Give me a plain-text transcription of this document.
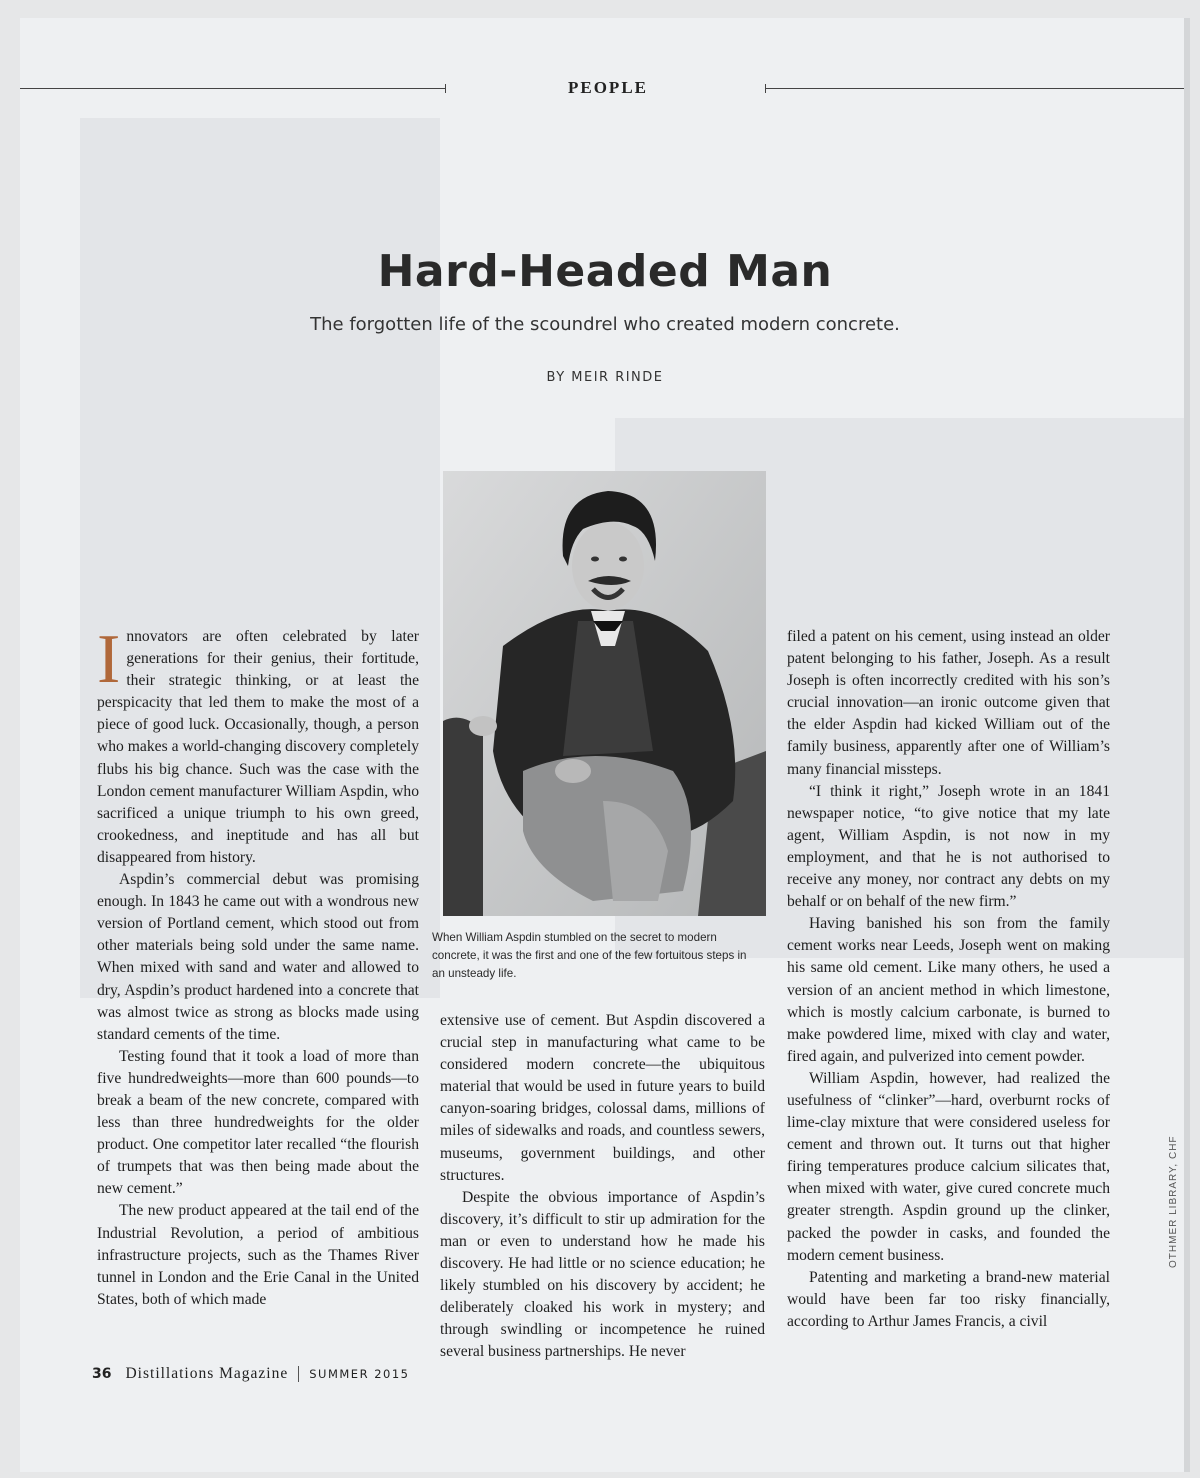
PEOPLE
Hard-Headed Man
The forgotten life of the scoundrel who created modern concrete.
BY MEIR RINDE
When William Aspdin stumbled on the secret to modern concrete, it was the first and one of the few fortuitous steps in an unsteady life.

Innovators are often celebrated by later generations for their genius, their fortitude, their strategic thinking, or at least the perspicacity that led them to make the most of a piece of good luck. Occasionally, though, a person who makes a world-changing discovery completely flubs his big chance. Such was the case with the London cement manufacturer William Aspdin, who sacrificed a unique triumph to his own greed, crookedness, and ineptitude and has all but disappeared from history.

Aspdin’s commercial debut was promising enough. In 1843 he came out with a wondrous new version of Portland cement, which stood out from other materials being sold under the same name. When mixed with sand and water and allowed to dry, Aspdin’s product hardened into a concrete that was almost twice as strong as blocks made using standard cements of the time.

Testing found that it took a load of more than five hundredweights—more than 600 pounds—to break a beam of the new concrete, compared with less than three hundredweights for the older product. One competitor later recalled “the flourish of trumpets that was then being made about the new cement.”

The new product appeared at the tail end of the Industrial Revolution, a period of ambitious infrastructure projects, such as the Thames River tunnel in London and the Erie Canal in the United States, both of which made

extensive use of cement. But Aspdin discovered a crucial step in manufacturing what came to be considered modern concrete—the ubiquitous material that would be used in future years to build canyon-soaring bridges, colossal dams, millions of miles of sidewalks and roads, and countless sewers, museums, government buildings, and other structures.

Despite the obvious importance of Aspdin’s discovery, it’s difficult to stir up admiration for the man or even to understand how he made his discovery. He had little or no science education; he likely stumbled on his discovery by accident; he deliberately cloaked his work in mystery; and through swindling or incompetence he ruined several business partnerships. He never

filed a patent on his cement, using instead an older patent belonging to his father, Joseph. As a result Joseph is often incorrectly credited with his son’s crucial innovation—an ironic outcome given that the elder Aspdin had kicked William out of the family business, apparently after one of William’s many financial missteps.

“I think it right,” Joseph wrote in an 1841 newspaper notice, “to give notice that my late agent, William Aspdin, is not now in my employment, and that he is not authorised to receive any money, nor contract any debts on my behalf or on behalf of the new firm.”

Having banished his son from the family cement works near Leeds, Joseph went on making his same old cement. Like many others, he used a version of an ancient method in which limestone, which is mostly calcium carbonate, is burned to make powdered lime, mixed with clay and water, fired again, and pulverized into cement powder.

William Aspdin, however, had realized the usefulness of “clinker”—hard, overburnt rocks of lime-clay mixture that were considered useless for cement and thrown out. It turns out that higher firing temperatures produce calcium silicates that, when mixed with water, give cured concrete much greater strength. Aspdin ground up the clinker, packed the powder in casks, and founded the modern cement business.

Patenting and marketing a brand-new material would have been far too risky financially, according to Arthur James Francis, a civil

36 Distillations Magazine SUMMER 2015
OTHMER LIBRARY, CHF
